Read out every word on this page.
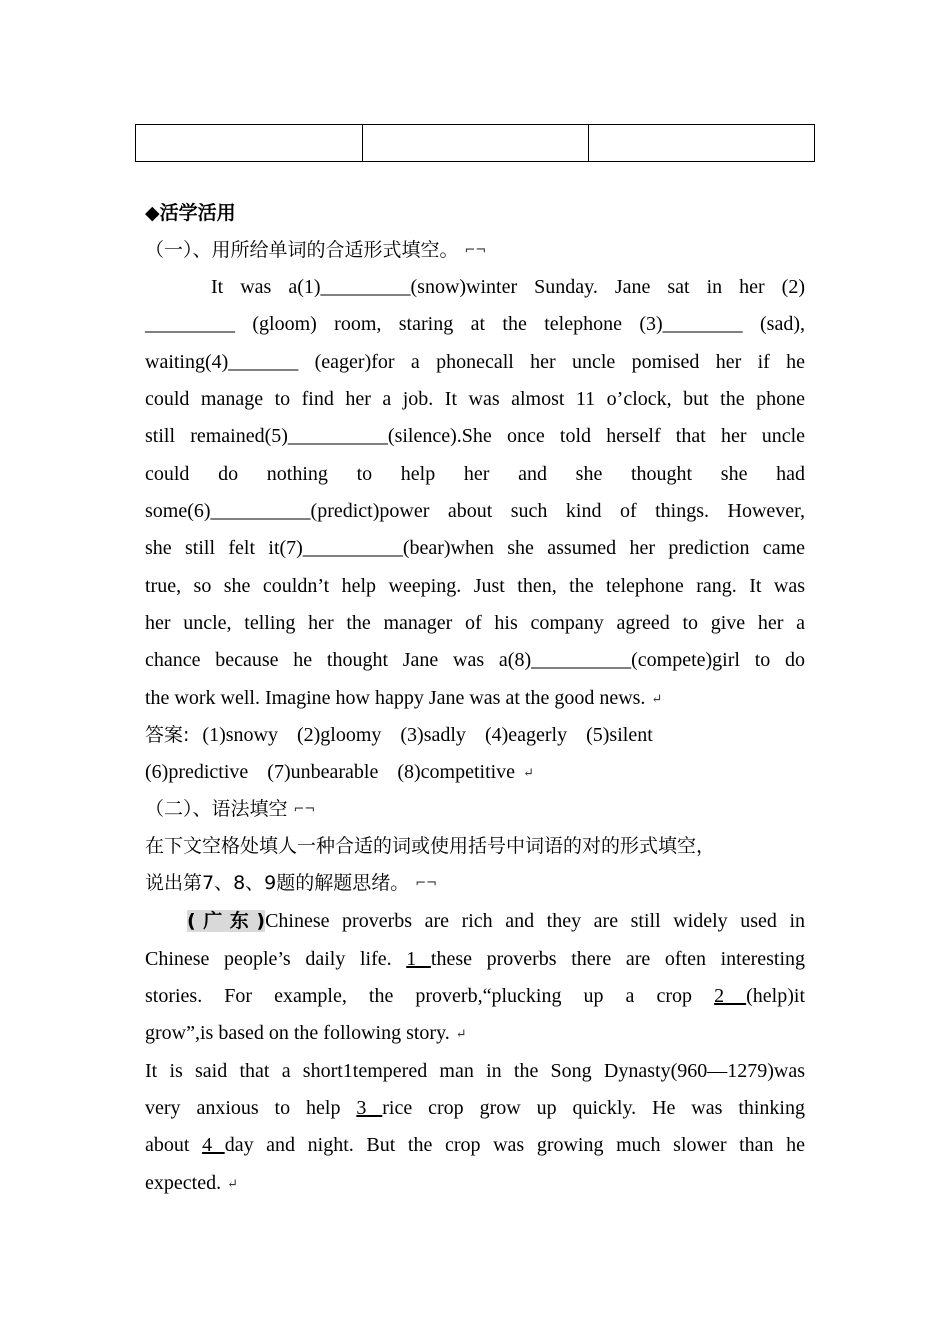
◆活学活用
（一）、用所给单词的合适形式填空。 ⌐¬
It was a(1)_________(snow)winter Sunday. Jane sat in her (2)
_________ (gloom) room, staring at the telephone (3)________ (sad),
waiting(4)_______ (eager)for a phonecall her uncle pomised her if he
could manage to find her a job. It was almost 11 o’clock, but the phone
still remained(5)__________(silence).She once told herself that her uncle
could do nothing to help her and she thought she had
some(6)__________(predict)power about such kind of things. However,
she still felt it(7)__________(bear)when she assumed her prediction came
true, so she couldn’t help weeping. Just then, the telephone rang. It was
her uncle, telling her the manager of his company agreed to give her a
chance because he thought Jane was a(8)__________(compete)girl to do
the work well. Imagine how happy Jane was at the good news. ↵
答案: (1)snowy (2)gloomy (3)sadly (4)eagerly (5)silent
(6)predictive (7)unbearable (8)competitive ↵
（二）、语法填空 ⌐¬
在下文空格处填人一种合适的词或使用括号中词语的对的形式填空，
说出第7、8、9题的解题思绪。 ⌐¬
(广东)Chinese proverbs are rich and they are still widely used in
Chinese people’s daily life. 1 these proverbs there are often interesting
stories. For example, the proverb,“plucking up a crop 2 (help)it
grow”,is based on the following story. ↵
It is said that a short1tempered man in the Song Dynasty(960—1279)was
very anxious to help 3 rice crop grow up quickly. He was thinking
about 4 day and night. But the crop was growing much slower than he
expected. ↵
